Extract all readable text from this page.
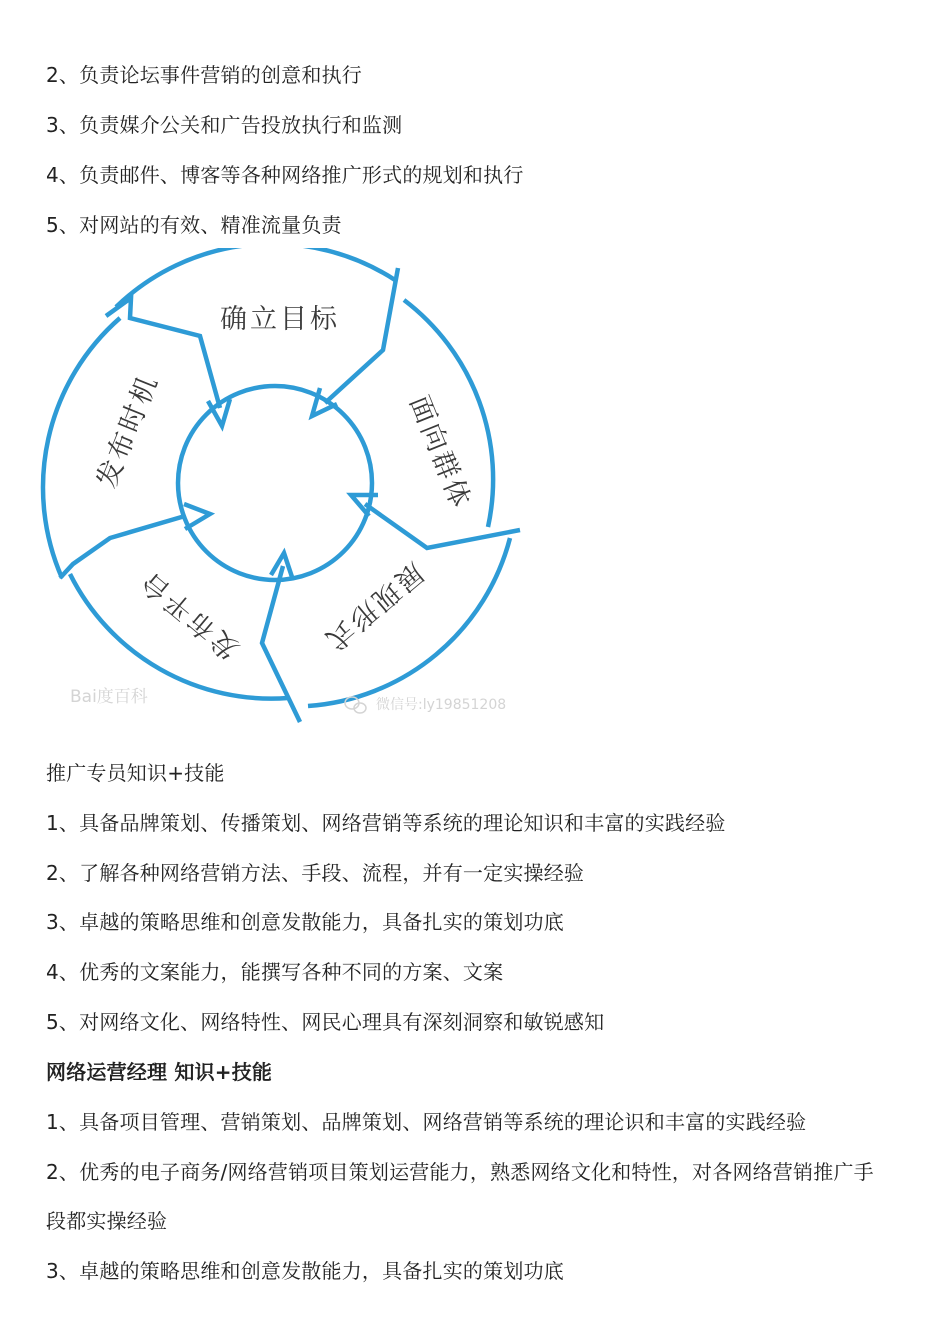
2、负责论坛事件营销的创意和执行
3、负责媒介公关和广告投放执行和监测
4、负责邮件、博客等各种网络推广形式的规划和执行
5、对网站的有效、精准流量负责
确立目标
面向群体
展现形式
发布平台
发布时机
Bai度百科	微信号:ly19851208
推广专员知识+技能
1、具备品牌策划、传播策划、网络营销等系统的理论知识和丰富的实践经验
2、了解各种网络营销方法、手段、流程，并有一定实操经验
3、卓越的策略思维和创意发散能力，具备扎实的策划功底
4、优秀的文案能力，能撰写各种不同的方案、文案
5、对网络文化、网络特性、网民心理具有深刻洞察和敏锐感知
网络运营经理 知识+技能
1、具备项目管理、营销策划、品牌策划、网络营销等系统的理论识和丰富的实践经验
2、优秀的电子商务/网络营销项目策划运营能力，熟悉网络文化和特性，对各网络营销推广手
段都实操经验
3、卓越的策略思维和创意发散能力，具备扎实的策划功底
